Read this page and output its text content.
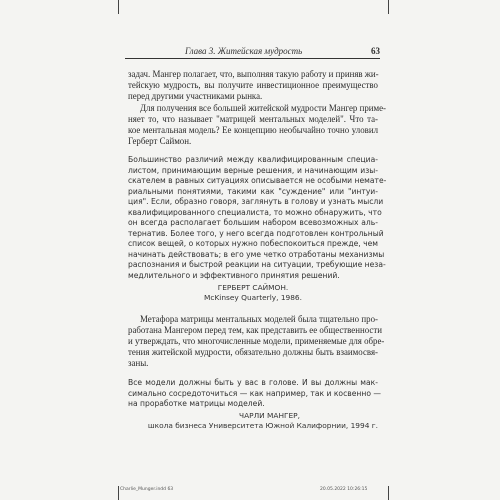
Глава 3. Житейская мудрость	63
задач. Мангер полагает, что, выполняя такую работу и приняв жи-
тейскую мудрость, вы получите инвестиционное преимущество
перед другими участниками рынка.
Для получения все большей житейской мудрости Мангер приме-
няет то, что называет "матрицей ментальных моделей". Что та-
кое ментальная модель? Ее концепцию необычайно точно уловил
Герберт Саймон.
Большинство различий между квалифицированным специа-
листом, принимающим верные решения, и начинающим изы-
скателем в равных ситуациях описывается не особыми немате-
риальными понятиями, такими как "суждение" или "интуи-
ция". Если, образно говоря, заглянуть в голову и узнать мысли
квалифицированного специалиста, то можно обнаружить, что
он всегда располагает большим набором всевозможных аль-
тернатив. Более того, у него всегда подготовлен контрольный
список вещей, о которых нужно побеспокоиться прежде, чем
начинать действовать; в его уме четко отработаны механизмы
распознания и быстрой реакции на ситуации, требующие неза-
медлительного и эффективного принятия решений.
ГЕРБЕРТ САЙМОН.
McKinsey Quarterly, 1986.
Метафора матрицы ментальных моделей была тщательно про-
работана Мангером перед тем, как представить ее общественности
и утверждать, что многочисленные модели, применяемые для обре-
тения житейской мудрости, обязательно должны быть взаимосвя-
заны.
Все модели должны быть у вас в голове. И вы должны мак-
симально сосредоточиться — как например, так и косвенно —
на проработке матрицы моделей.
ЧАРЛИ МАНГЕР,
школа бизнеса Университета Южной Калифорнии, 1994 г.
Charlie_Munger.indd 63	20.05.2022 10:26:15
